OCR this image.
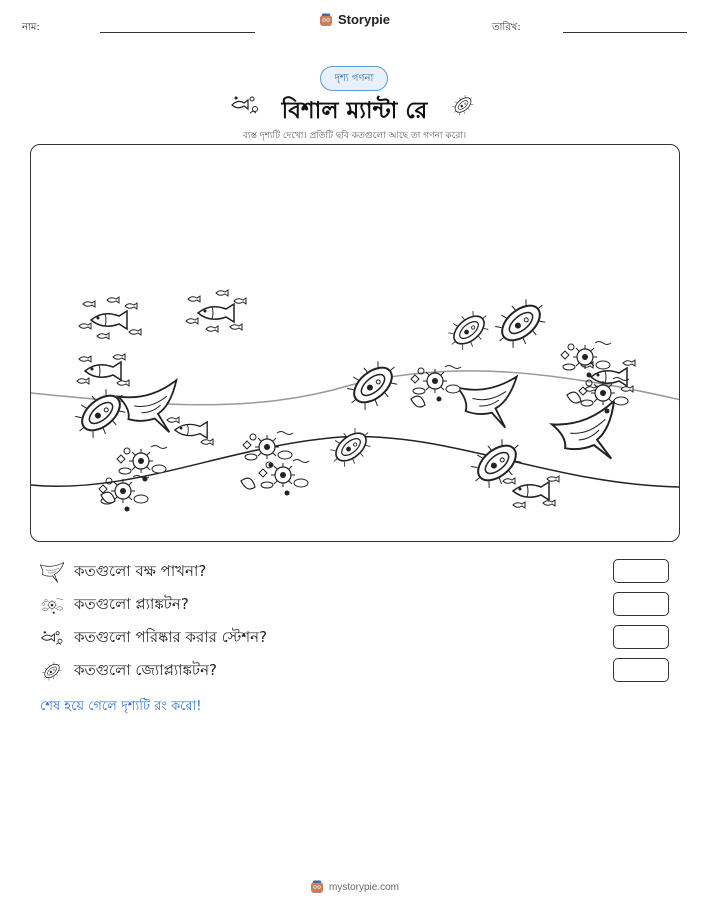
নাম:
Storypie
তারিখ:
দৃশ্য গণনা
বিশাল ম্যান্টা রে
ব্যস্ত দৃশ্যটি দেখো। প্রতিটি ছবি কতগুলো আছে তা গণনা করো।
কতগুলো বক্ষ পাখনা?
কতগুলো প্ল্যাঙ্কটন?
কতগুলো পরিষ্কার করার স্টেশন?
কতগুলো জ্যোপ্ল্যাঙ্কটন?
শেষ হয়ে গেলে দৃশ্যটি রং করো!
mystorypie.com
